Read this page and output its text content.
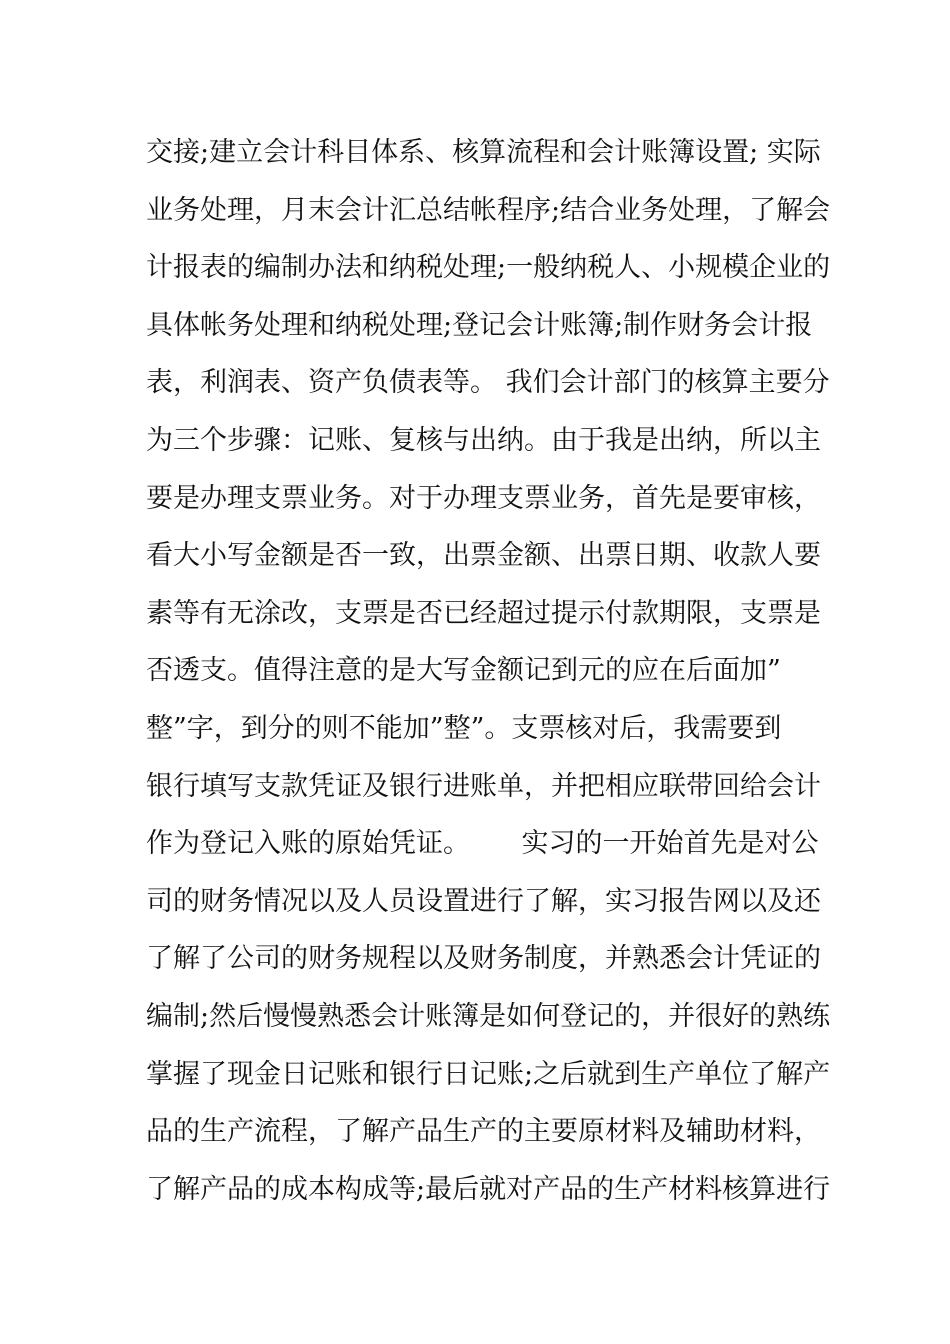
交接;建立会计科目体系、核算流程和会计账簿设置; 实际
业务处理，月末会计汇总结帐程序;结合业务处理，了解会
计报表的编制办法和纳税处理;一般纳税人、小规模企业的
具体帐务处理和纳税处理;登记会计账簿;制作财务会计报
表，利润表、资产负债表等。 我们会计部门的核算主要分
为三个步骤：记账、复核与出纳。由于我是出纳，所以主
要是办理支票业务。对于办理支票业务，首先是要审核，
看大小写金额是否一致，出票金额、出票日期、收款人要
素等有无涂改，支票是否已经超过提示付款期限，支票是
否透支。值得注意的是大写金额记到元的应在后面加”
整”字，到分的则不能加”整”。支票核对后，我需要到
银行填写支款凭证及银行进账单，并把相应联带回给会计
作为登记入账的原始凭证。      实习的一开始首先是对公
司的财务情况以及人员设置进行了解，实习报告网以及还
了解了公司的财务规程以及财务制度，并熟悉会计凭证的
编制;然后慢慢熟悉会计账簿是如何登记的，并很好的熟练
掌握了现金日记账和银行日记账;之后就到生产单位了解产
品的生产流程，了解产品生产的主要原材料及辅助材料，
了解产品的成本构成等;最后就对产品的生产材料核算进行
